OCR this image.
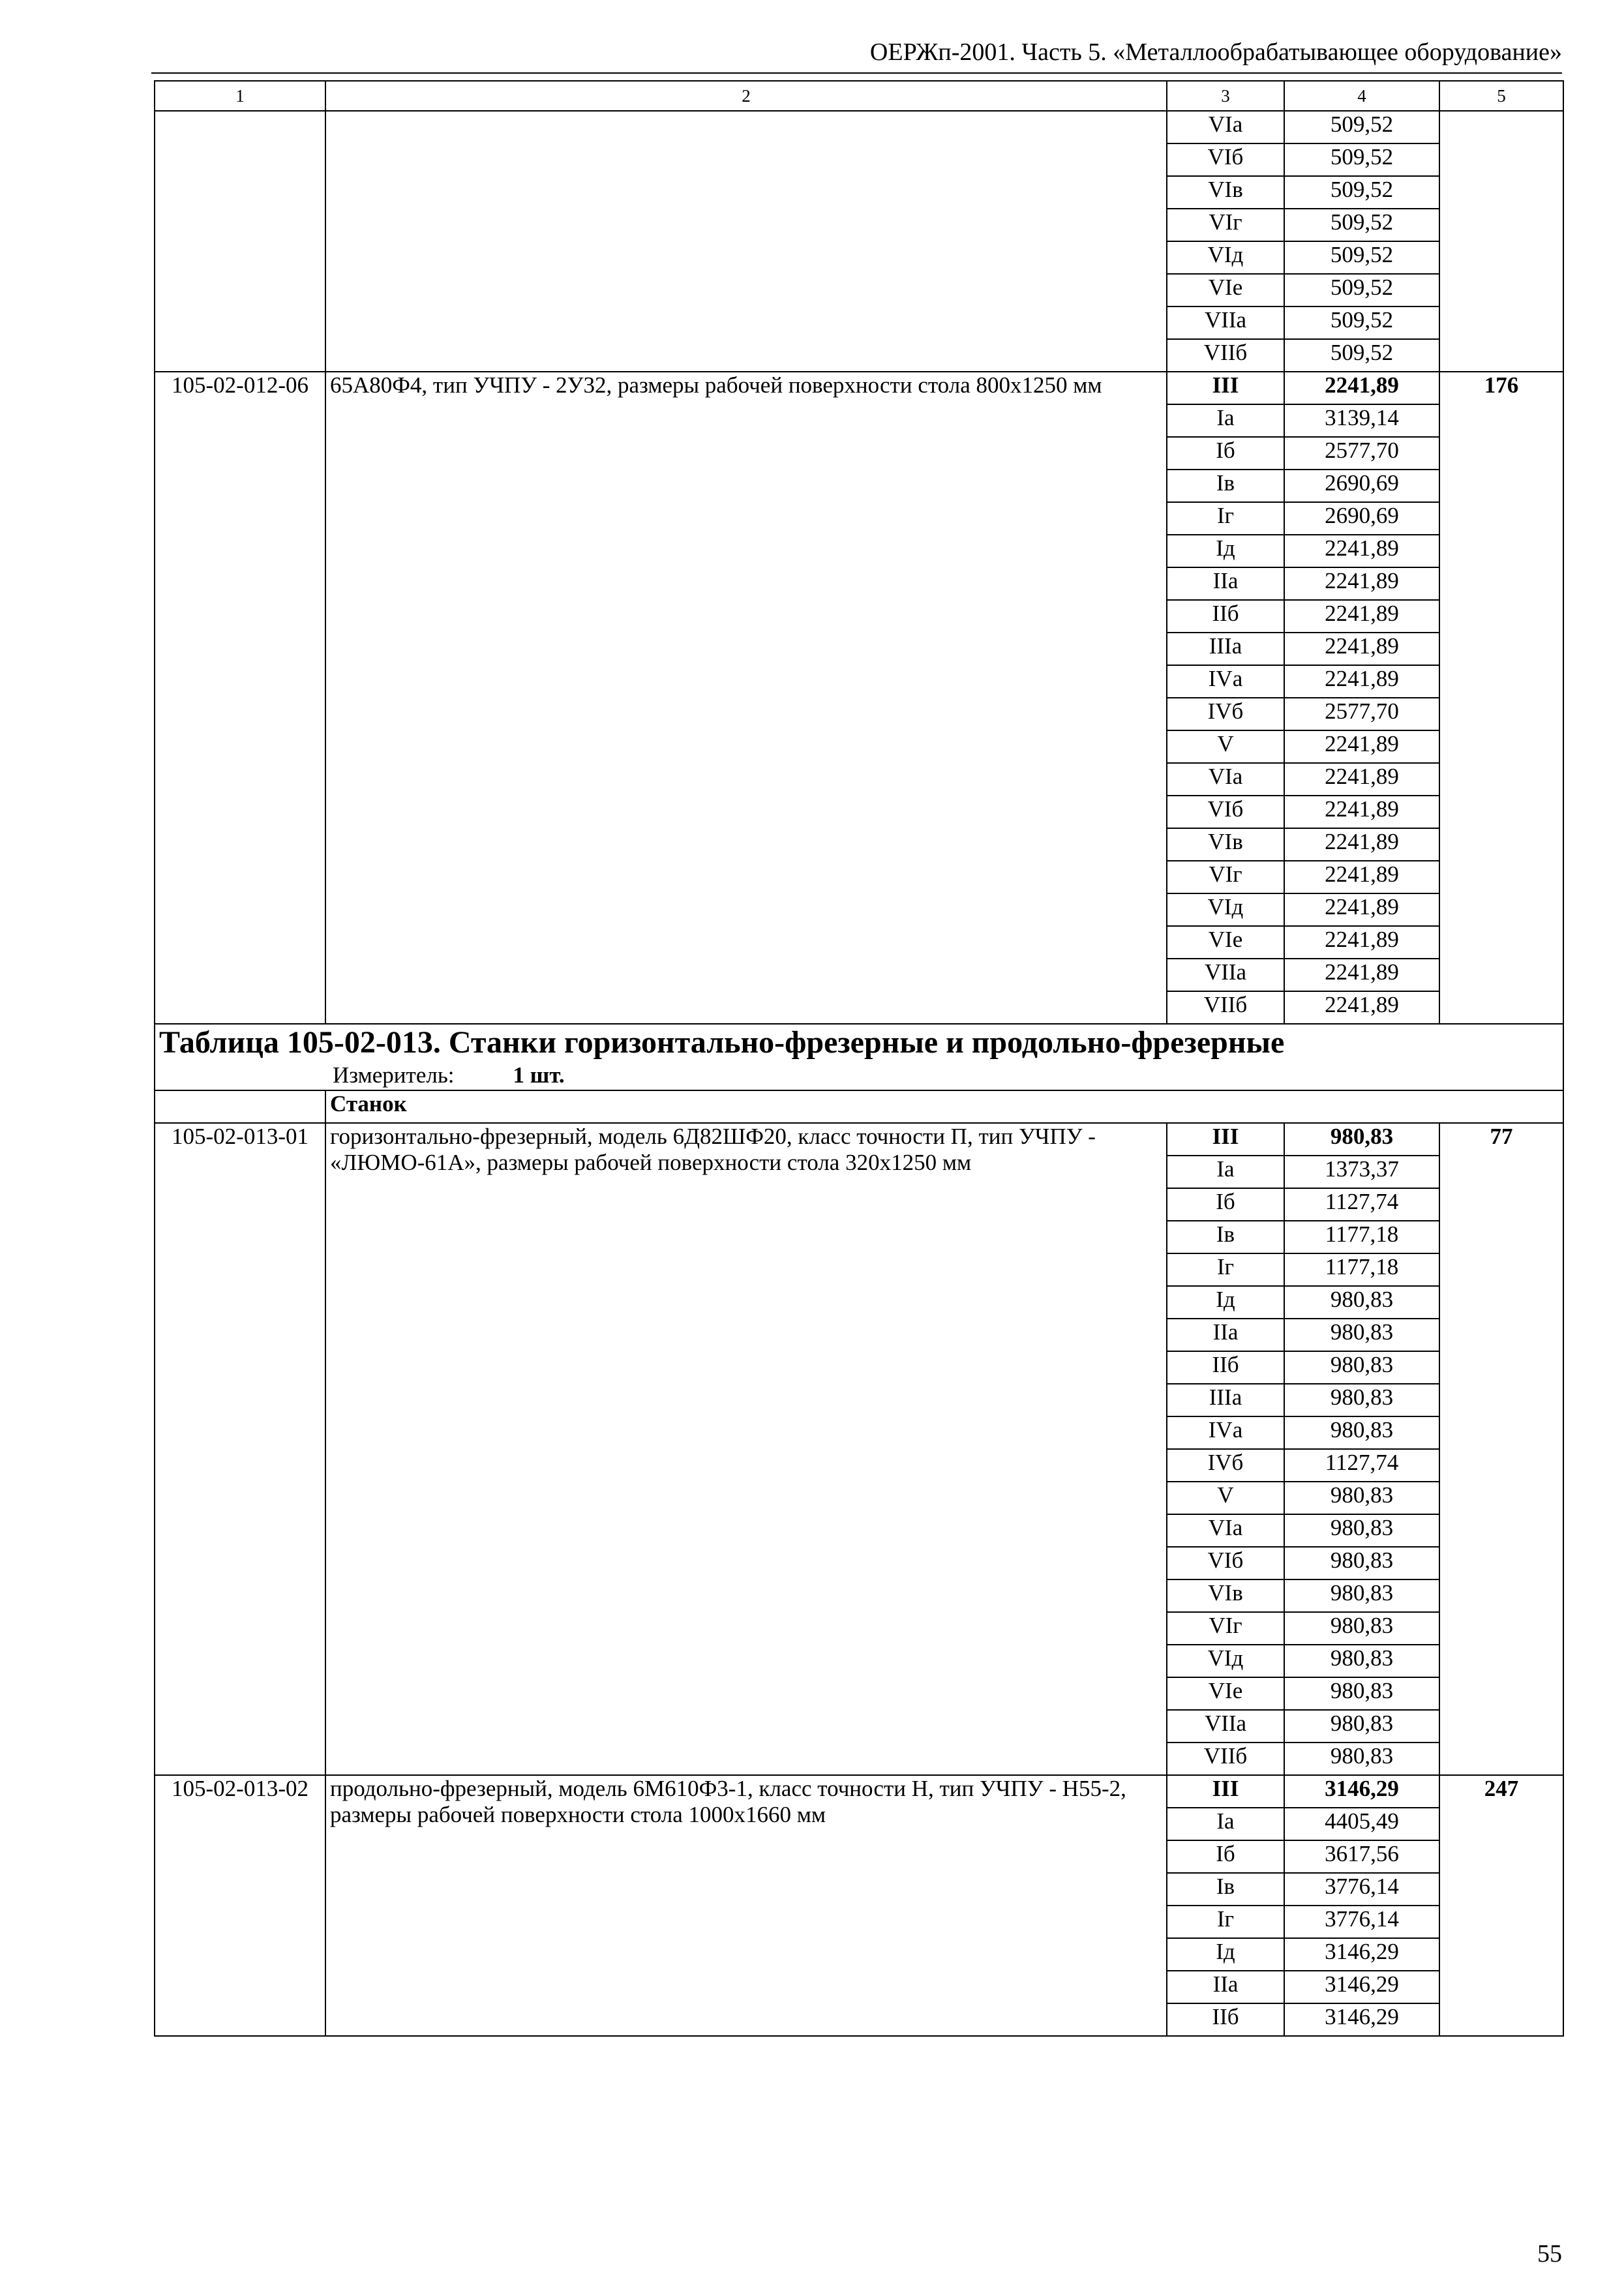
ОЕРЖп-2001. Часть 5. «Металлообрабатывающее оборудование»
1	2	3	4	5
		VIа	509,52	
		VIб	509,52	
		VIв	509,52	
		VIг	509,52	
		VIд	509,52	
		VIе	509,52	
		VIIа	509,52	
		VIIб	509,52	
105-02-012-06	65А80Ф4, тип УЧПУ - 2У32, размеры рабочей поверхности стола 800x1250 мм	III	2241,89	176
		Iа	3139,14	
		Iб	2577,70	
		Iв	2690,69	
		Iг	2690,69	
		Iд	2241,89	
		IIа	2241,89	
		IIб	2241,89	
		IIIа	2241,89	
		IVа	2241,89	
		IVб	2577,70	
		V	2241,89	
		VIа	2241,89	
		VIб	2241,89	
		VIв	2241,89	
		VIг	2241,89	
		VIд	2241,89	
		VIе	2241,89	
		VIIа	2241,89	
		VIIб	2241,89	

Таблица 105-02-013. Станки горизонтально-фрезерные и продольно-фрезерные
Измеритель: 1 шт.				

	Станок			
105-02-013-01	горизонтально-фрезерный, модель 6Д82ШФ20, класс точности П, тип УЧПУ - «ЛЮМО-61А», размеры рабочей поверхности стола 320x1250 мм	III	980,83	77
		Iа	1373,37	
		Iб	1127,74	
		Iв	1177,18	
		Iг	1177,18	
		Iд	980,83	
		IIа	980,83	
		IIб	980,83	
		IIIа	980,83	
		IVа	980,83	
		IVб	1127,74	
		V	980,83	
		VIа	980,83	
		VIб	980,83	
		VIв	980,83	
		VIг	980,83	
		VIд	980,83	
		VIе	980,83	
		VIIа	980,83	
		VIIб	980,83	
105-02-013-02	продольно-фрезерный, модель 6М610Ф3-1, класс точности Н, тип УЧПУ - Н55-2, размеры рабочей поверхности стола 1000x1660 мм	III	3146,29	247
		Iа	4405,49	
		Iб	3617,56	
		Iв	3776,14	
		Iг	3776,14	
		Iд	3146,29	
		IIа	3146,29	
		IIб	3146,29	
55
